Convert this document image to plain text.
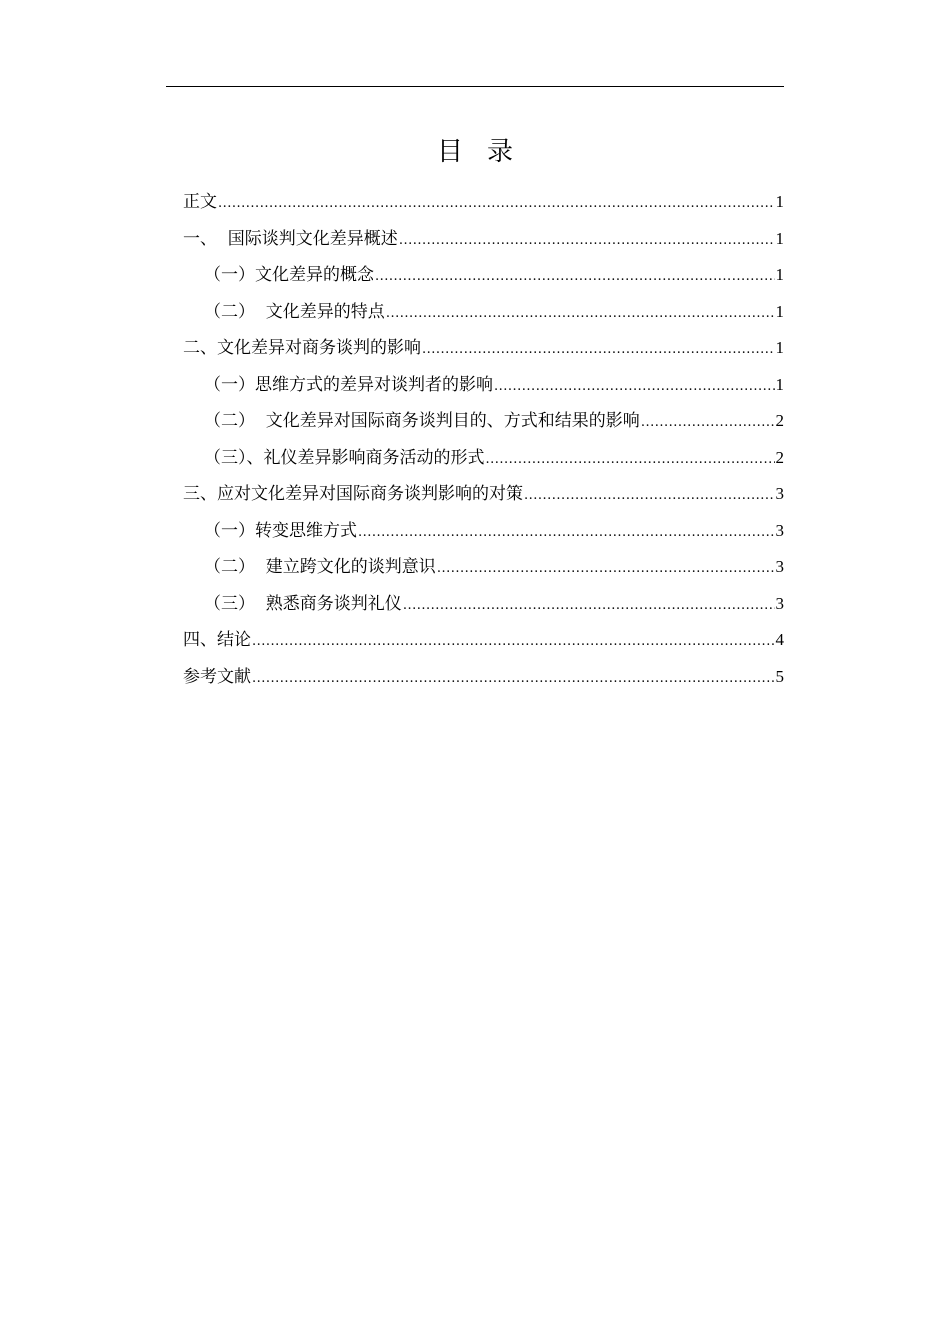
目录
正文 .....	1
一、  国际谈判文化差异概述 .....	1
（一）文化差异的概念 .....	1
（二）  文化差异的特点 .....	1
二、文化差异对商务谈判的影响 .....	1
（一）思维方式的差异对谈判者的影响 .....	1
（二）  文化差异对国际商务谈判目的、方式和结果的影响 .....	2
（三）、礼仪差异影响商务活动的形式 .....	2
三、应对文化差异对国际商务谈判影响的对策 .....	3
（一）转变思维方式 .....	3
（二）  建立跨文化的谈判意识 .....	3
（三）  熟悉商务谈判礼仪 .....	3
四、结论 .....	4
参考文献 .....	5
